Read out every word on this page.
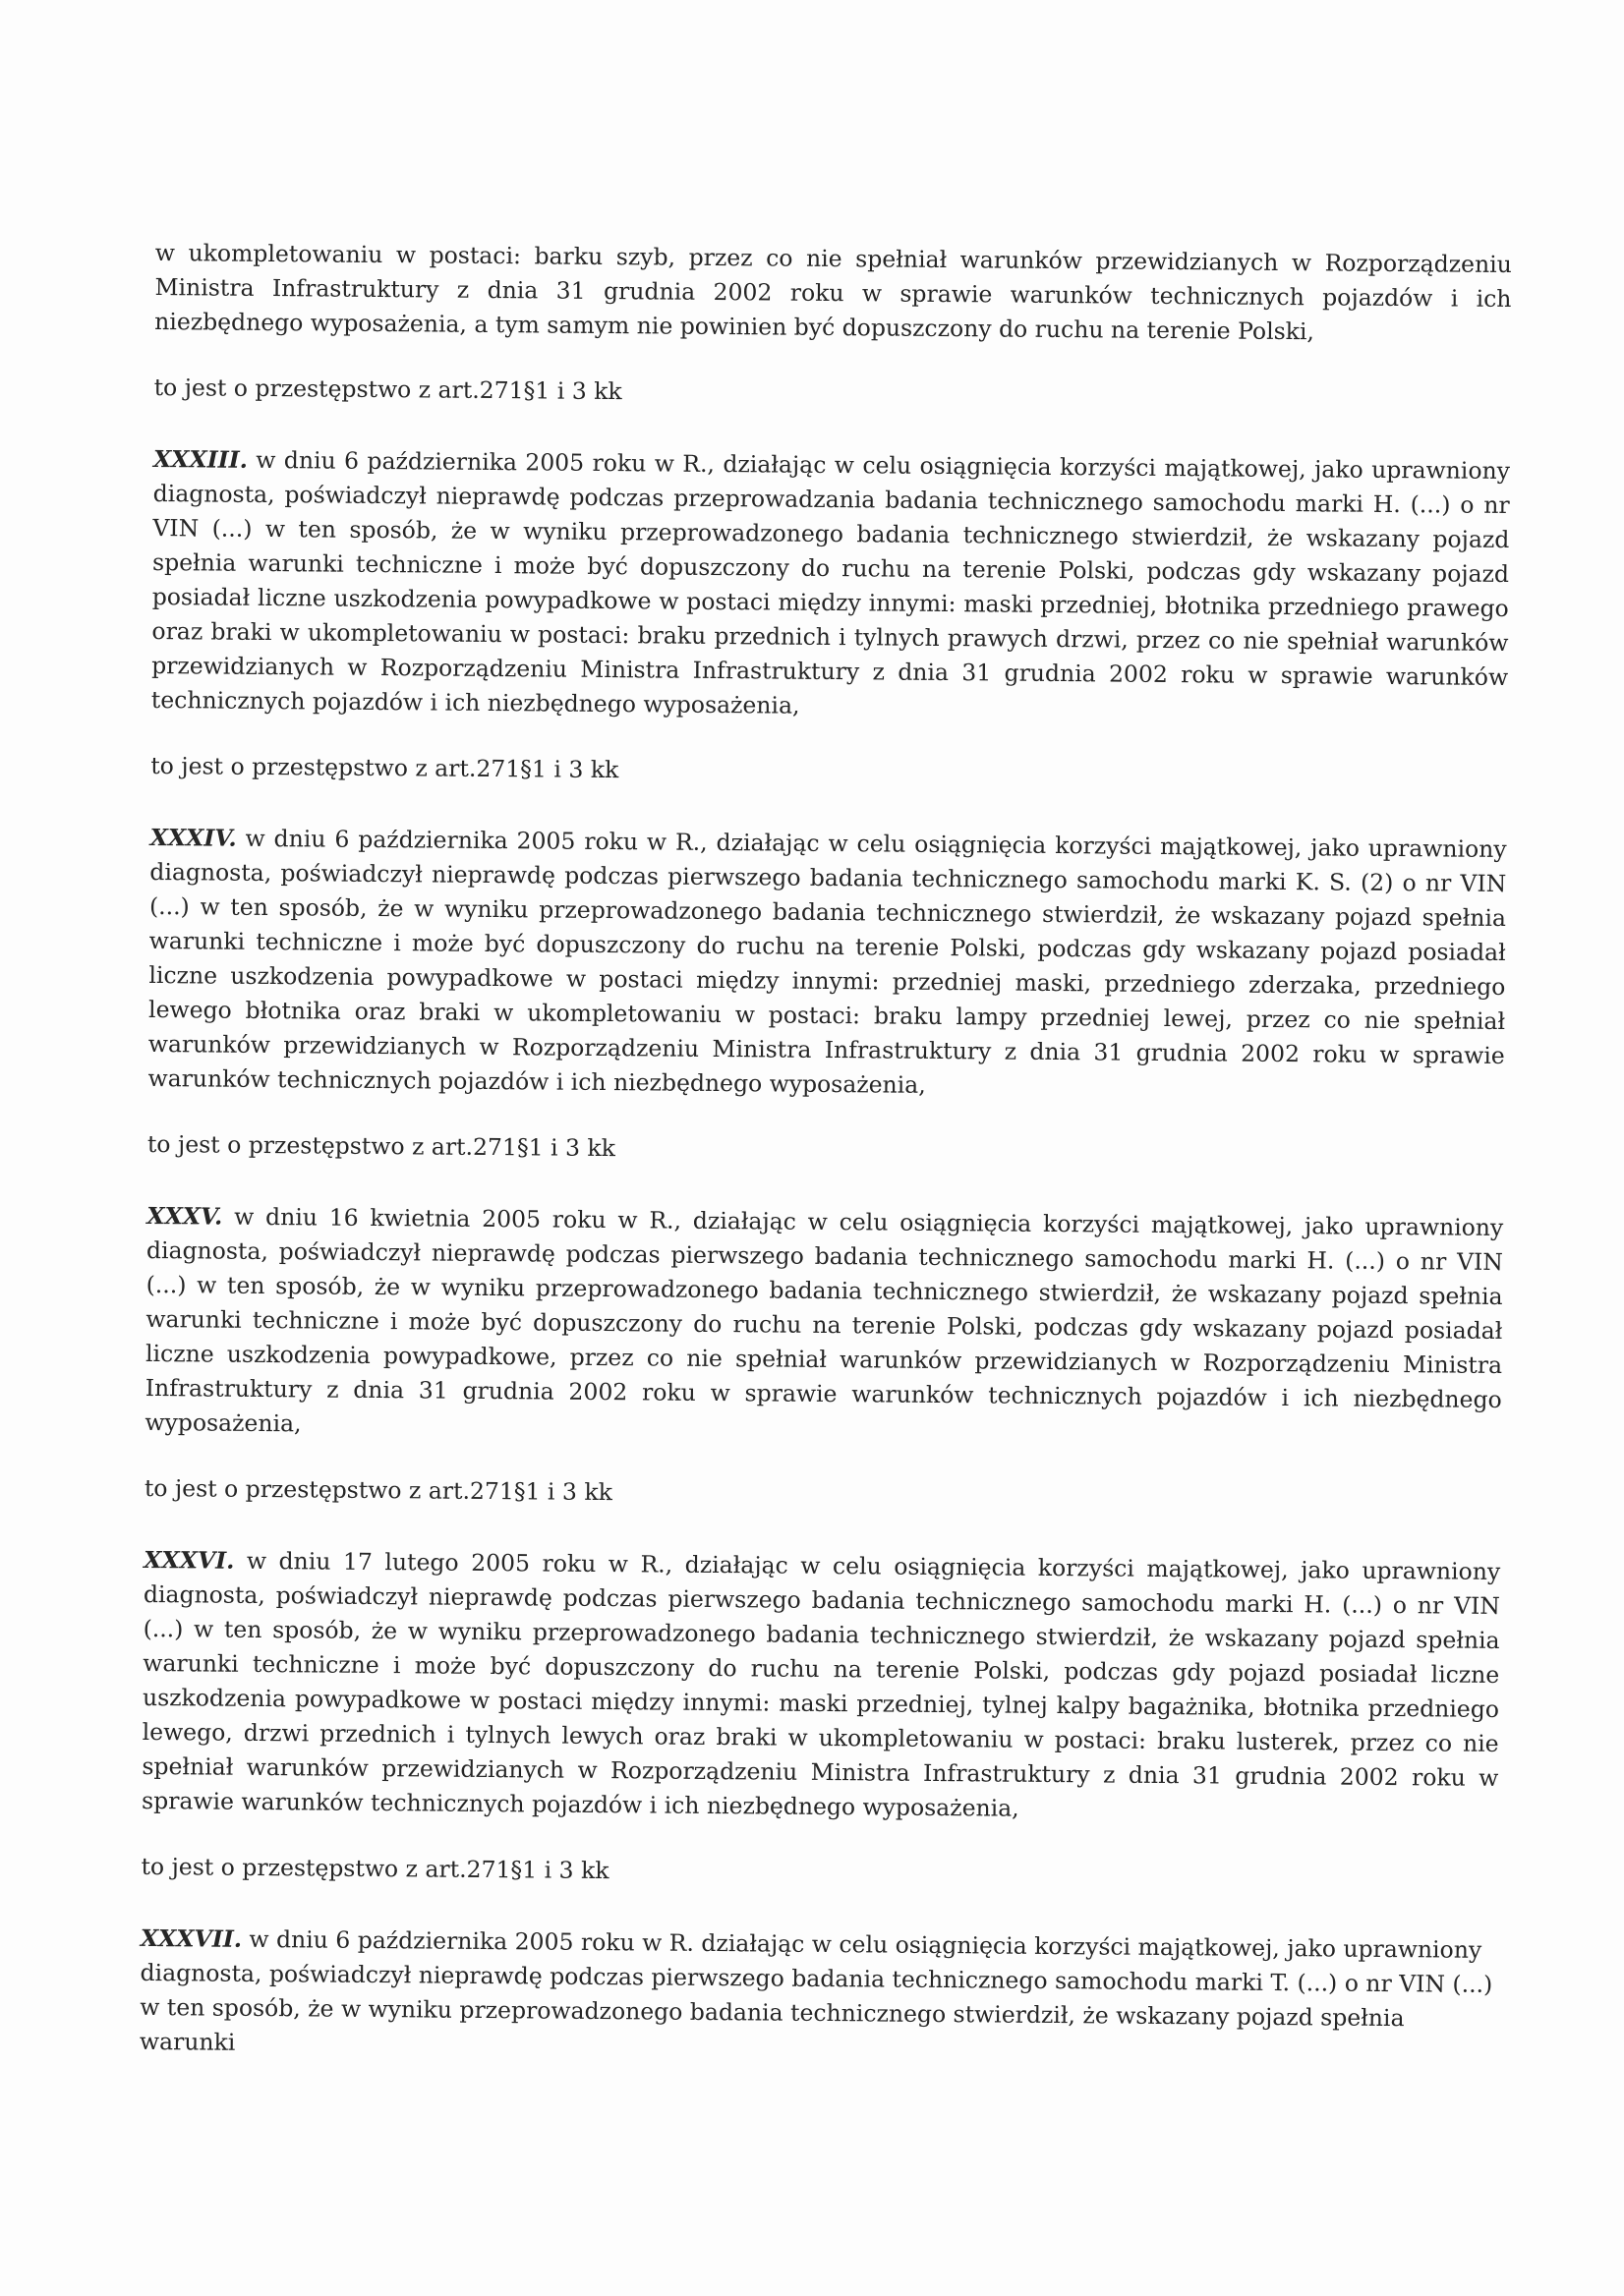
w ukompletowaniu w postaci: barku szyb, przez co nie spełniał warunków przewidzianych w Rozporządzeniu Ministra Infrastruktury z dnia 31 grudnia 2002 roku w sprawie warunków technicznych pojazdów i ich niezbędnego wyposażenia, a tym samym nie powinien być dopuszczony do ruchu na terenie Polski,

to jest o przestępstwo z art.271§1 i 3 kk

XXXIII. w dniu 6 października 2005 roku w R., działając w celu osiągnięcia korzyści majątkowej, jako uprawniony diagnosta, poświadczył nieprawdę podczas przeprowadzania badania technicznego samochodu marki H. (...) o nr VIN (...) w ten sposób, że w wyniku przeprowadzonego badania technicznego stwierdził, że wskazany pojazd spełnia warunki techniczne i może być dopuszczony do ruchu na terenie Polski, podczas gdy wskazany pojazd posiadał liczne uszkodzenia powypadkowe w postaci między innymi: maski przedniej, błotnika przedniego prawego oraz braki w ukompletowaniu w postaci: braku przednich i tylnych prawych drzwi, przez co nie spełniał warunków przewidzianych w Rozporządzeniu Ministra Infrastruktury z dnia 31 grudnia 2002 roku w sprawie warunków technicznych pojazdów i ich niezbędnego wyposażenia,

to jest o przestępstwo z art.271§1 i 3 kk

XXXIV. w dniu 6 października 2005 roku w R., działając w celu osiągnięcia korzyści majątkowej, jako uprawniony diagnosta, poświadczył nieprawdę podczas pierwszego badania technicznego samochodu marki K. S. (2) o nr VIN (...) w ten sposób, że w wyniku przeprowadzonego badania technicznego stwierdził, że wskazany pojazd spełnia warunki techniczne i może być dopuszczony do ruchu na terenie Polski, podczas gdy wskazany pojazd posiadał liczne uszkodzenia powypadkowe w postaci między innymi: przedniej maski, przedniego zderzaka, przedniego lewego błotnika oraz braki w ukompletowaniu w postaci: braku lampy przedniej lewej, przez co nie spełniał warunków przewidzianych w Rozporządzeniu Ministra Infrastruktury z dnia 31 grudnia 2002 roku w sprawie warunków technicznych pojazdów i ich niezbędnego wyposażenia,

to jest o przestępstwo z art.271§1 i 3 kk

XXXV. w dniu 16 kwietnia 2005 roku w R., działając w celu osiągnięcia korzyści majątkowej, jako uprawniony diagnosta, poświadczył nieprawdę podczas pierwszego badania technicznego samochodu marki H. (...) o nr VIN (...) w ten sposób, że w wyniku przeprowadzonego badania technicznego stwierdził, że wskazany pojazd spełnia warunki techniczne i może być dopuszczony do ruchu na terenie Polski, podczas gdy wskazany pojazd posiadał liczne uszkodzenia powypadkowe, przez co nie spełniał warunków przewidzianych w Rozporządzeniu Ministra Infrastruktury z dnia 31 grudnia 2002 roku w sprawie warunków technicznych pojazdów i ich niezbędnego wyposażenia,

to jest o przestępstwo z art.271§1 i 3 kk

XXXVI. w dniu 17 lutego 2005 roku w R., działając w celu osiągnięcia korzyści majątkowej, jako uprawniony diagnosta, poświadczył nieprawdę podczas pierwszego badania technicznego samochodu marki H. (...) o nr VIN (...) w ten sposób, że w wyniku przeprowadzonego badania technicznego stwierdził, że wskazany pojazd spełnia warunki techniczne i może być dopuszczony do ruchu na terenie Polski, podczas gdy pojazd posiadał liczne uszkodzenia powypadkowe w postaci między innymi: maski przedniej, tylnej kalpy bagażnika, błotnika przedniego lewego, drzwi przednich i tylnych lewych oraz braki w ukompletowaniu w postaci: braku lusterek, przez co nie spełniał warunków przewidzianych w Rozporządzeniu Ministra Infrastruktury z dnia 31 grudnia 2002 roku w sprawie warunków technicznych pojazdów i ich niezbędnego wyposażenia,

to jest o przestępstwo z art.271§1 i 3 kk

XXXVII. w dniu 6 października 2005 roku w R. działając w celu osiągnięcia korzyści majątkowej, jako uprawniony diagnosta, poświadczył nieprawdę podczas pierwszego badania technicznego samochodu marki T. (...) o nr VIN (...) w ten sposób, że w wyniku przeprowadzonego badania technicznego stwierdził, że wskazany pojazd spełnia warunki
